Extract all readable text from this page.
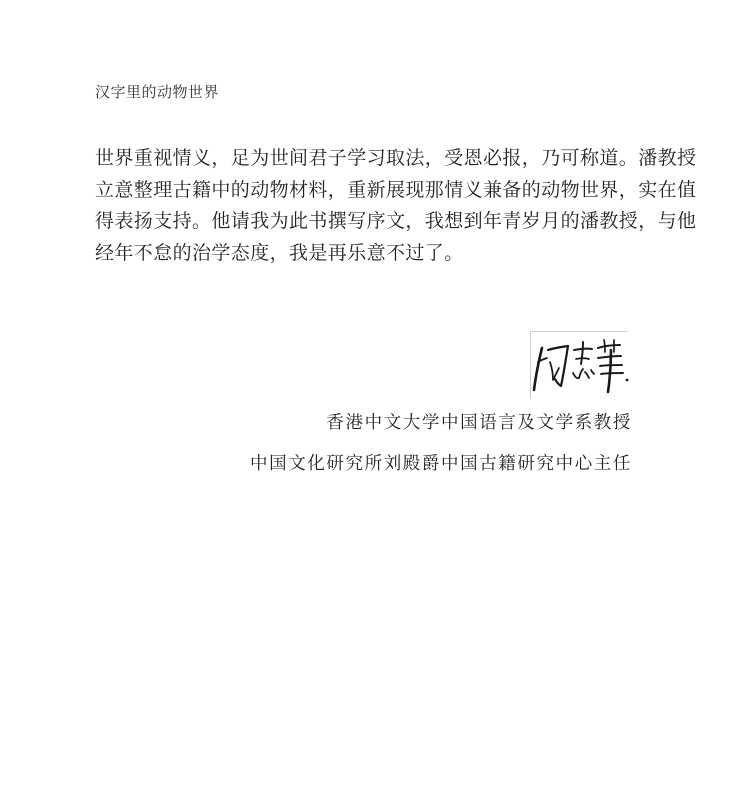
汉字里的动物世界
世界重视情义，足为世间君子学习取法，受恩必报，乃可称道。潘教授
立意整理古籍中的动物材料，重新展现那情义兼备的动物世界，实在值
得表扬支持。他请我为此书撰写序文，我想到年青岁月的潘教授，与他
经年不怠的治学态度，我是再乐意不过了。
香港中文大学中国语言及文学系教授
中国文化研究所刘殿爵中国古籍研究中心主任
